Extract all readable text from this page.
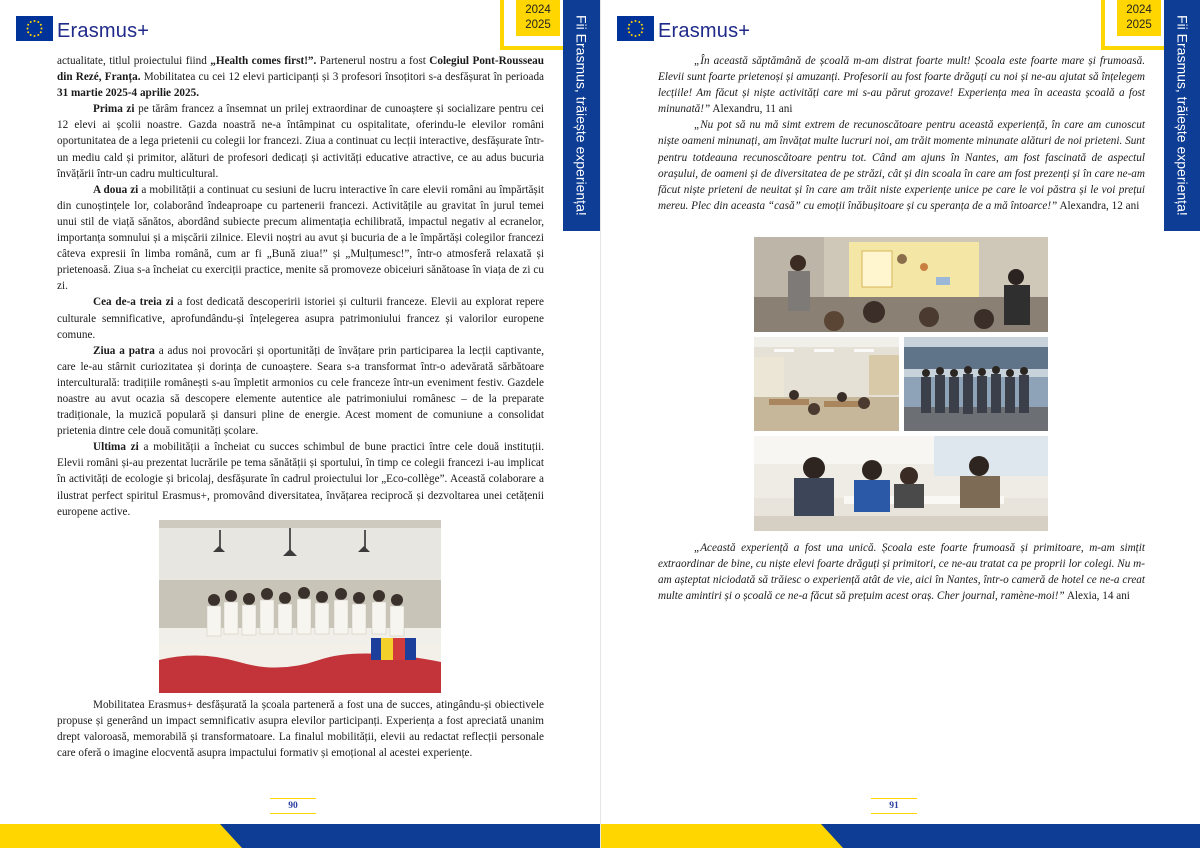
Erasmus+
2024
2025	Fii Erasmus, trăiește experiența!

actualitate, titlul proiectului fiind „Health comes first!”. Partenerul nostru a fost Colegiul Pont-Rousseau din Rezé, Franța. Mobilitatea cu cei 12 elevi participanți și 3 profesori însoțitori s-a desfășurat în perioada 31 martie 2025-4 aprilie 2025.

Prima zi pe tărâm francez a însemnat un prilej extraordinar de cunoaștere și socializare pentru cei 12 elevi ai școlii noastre. Gazda noastră ne-a întâmpinat cu ospitalitate, oferindu-le elevilor români oportunitatea de a lega prietenii cu colegii lor francezi. Ziua a continuat cu lecții interactive, desfășurate într-un mediu cald și primitor, alături de profesori dedicați și activități educative atractive, ce au adus bucuria învățării într-un cadru multicultural.

A doua zi a mobilității a continuat cu sesiuni de lucru interactive în care elevii români au împărtășit din cunoștințele lor, colaborând îndeaproape cu partenerii francezi. Activitățile au gravitat în jurul temei unui stil de viață sănătos, abordând subiecte precum alimentația echilibrată, impactul negativ al ecranelor, importanța somnului și a mișcării zilnice. Elevii noștri au avut și bucuria de a le împărtăși colegilor francezi câteva expresii în limba română, cum ar fi „Bună ziua!” și „Mulțumesc!”, într-o atmosferă relaxată și prietenoasă. Ziua s-a încheiat cu exerciții practice, menite să promoveze obiceiuri sănătoase în viața de zi cu zi.

Cea de-a treia zi a fost dedicată descoperirii istoriei și culturii franceze. Elevii au explorat repere culturale semnificative, aprofundându-și înțelegerea asupra patrimoniului francez și valorilor europene comune.

Ziua a patra a adus noi provocări și oportunități de învățare prin participarea la lecții captivante, care le-au stârnit curiozitatea și dorința de cunoaștere. Seara s-a transformat într-o adevărată sărbătoare interculturală: tradițiile românești s-au împletit armonios cu cele franceze într-un eveniment festiv. Gazdele noastre au avut ocazia să descopere elemente autentice ale patrimoniului românesc – de la preparate tradiționale, la muzică populară și dansuri pline de energie. Acest moment de comuniune a consolidat prietenia dintre cele două comunități școlare.

Ultima zi a mobilității a încheiat cu succes schimbul de bune practici între cele două instituții. Elevii români și-au prezentat lucrările pe tema sănătății și sportului, în timp ce colegii francezi i-au implicat în activități de ecologie și bricolaj, desfășurate în cadrul proiectului lor „Eco-collège”. Această colaborare a ilustrat perfect spiritul Erasmus+, promovând diversitatea, învățarea reciprocă și dezvoltarea unei cetățenii europene active.

Mobilitatea Erasmus+ desfășurată la școala parteneră a fost una de succes, atingându-și obiectivele propuse și generând un impact semnificativ asupra elevilor participanți. Experiența a fost apreciată unanim drept valoroasă, memorabilă și transformatoare. La finalul mobilității, elevii au redactat reflecții personale care oferă o imagine elocventă asupra impactului formativ și emoțional al acestei experiențe.

90
Erasmus+
2024
2025	Fii Erasmus, trăiește experiența!

„În această săptămână de școală m-am distrat foarte mult! Școala este foarte mare și frumoasă. Elevii sunt foarte prietenoși și amuzanți. Profesorii au fost foarte drăguți cu noi și ne-au ajutat să înțelegem lecțiile! Am făcut și niște activități care mi s-au părut grozave! Experiența mea în aceasta școală a fost minunată!” Alexandru, 11 ani

„Nu pot să nu mă simt extrem de recunoscătoare pentru această experiență, în care am cunoscut niște oameni minunați, am învățat multe lucruri noi, am trăit momente minunate alături de noi prieteni. Sunt pentru totdeauna recunoscătoare pentru tot. Când am ajuns în Nantes, am fost fascinată de aspectul orașului, de oameni și de diversitatea de pe străzi, cât și din scoala în care am fost prezenți și în care ne-am făcut niște prieteni de neuitat și în care am trăit niste experiențe unice pe care le voi păstra și le voi prețui mereu. Plec din aceasta “casă” cu emoții înăbușitoare și cu speranța de a mă întoarce!” Alexandra, 12 ani

„Această experiență a fost una unică. Școala este foarte frumoasă și primitoare, m-am simțit extraordinar de bine, cu niște elevi foarte drăguți și primitori, ce ne-au tratat ca pe proprii lor colegi. Nu m-am așteptat niciodată să trăiesc o experiență atât de vie, aici în Nantes, într-o cameră de hotel ce ne-a creat multe amintiri și o școală ce ne-a făcut să prețuim acest oraș. Cher journal, ramène-moi!” Alexia, 14 ani

91
